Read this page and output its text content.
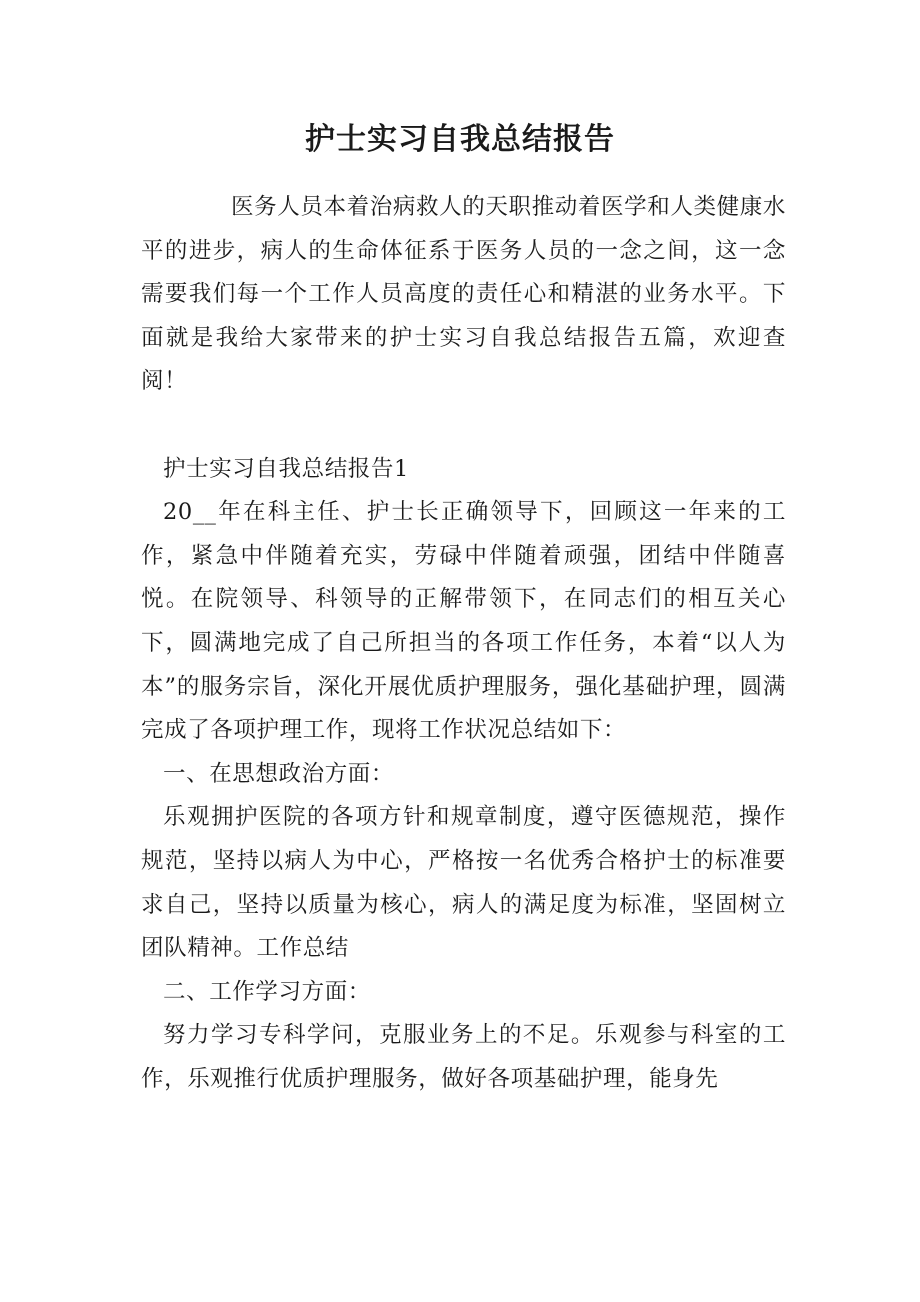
护士实习自我总结报告

医务人员本着治病救人的天职推动着医学和人类健康水平的进步，病人的生命体征系于医务人员的一念之间，这一念需要我们每一个工作人员高度的责任心和精湛的业务水平。下面就是我给大家带来的护士实习自我总结报告五篇，欢迎查阅！

护士实习自我总结报告1

20__年在科主任、护士长正确领导下，回顾这一年来的工作，紧急中伴随着充实，劳碌中伴随着顽强，团结中伴随喜悦。在院领导、科领导的正解带领下，在同志们的相互关心下，圆满地完成了自己所担当的各项工作任务，本着“以人为本”的服务宗旨，深化开展优质护理服务，强化基础护理，圆满完成了各项护理工作，现将工作状况总结如下：

一、在思想政治方面：

乐观拥护医院的各项方针和规章制度，遵守医德规范，操作规范，坚持以病人为中心，严格按一名优秀合格护士的标准要求自己，坚持以质量为核心，病人的满足度为标准，坚固树立团队精神。工作总结

二、工作学习方面：

努力学习专科学问，克服业务上的不足。乐观参与科室的工作，乐观推行优质护理服务，做好各项基础护理，能身先
